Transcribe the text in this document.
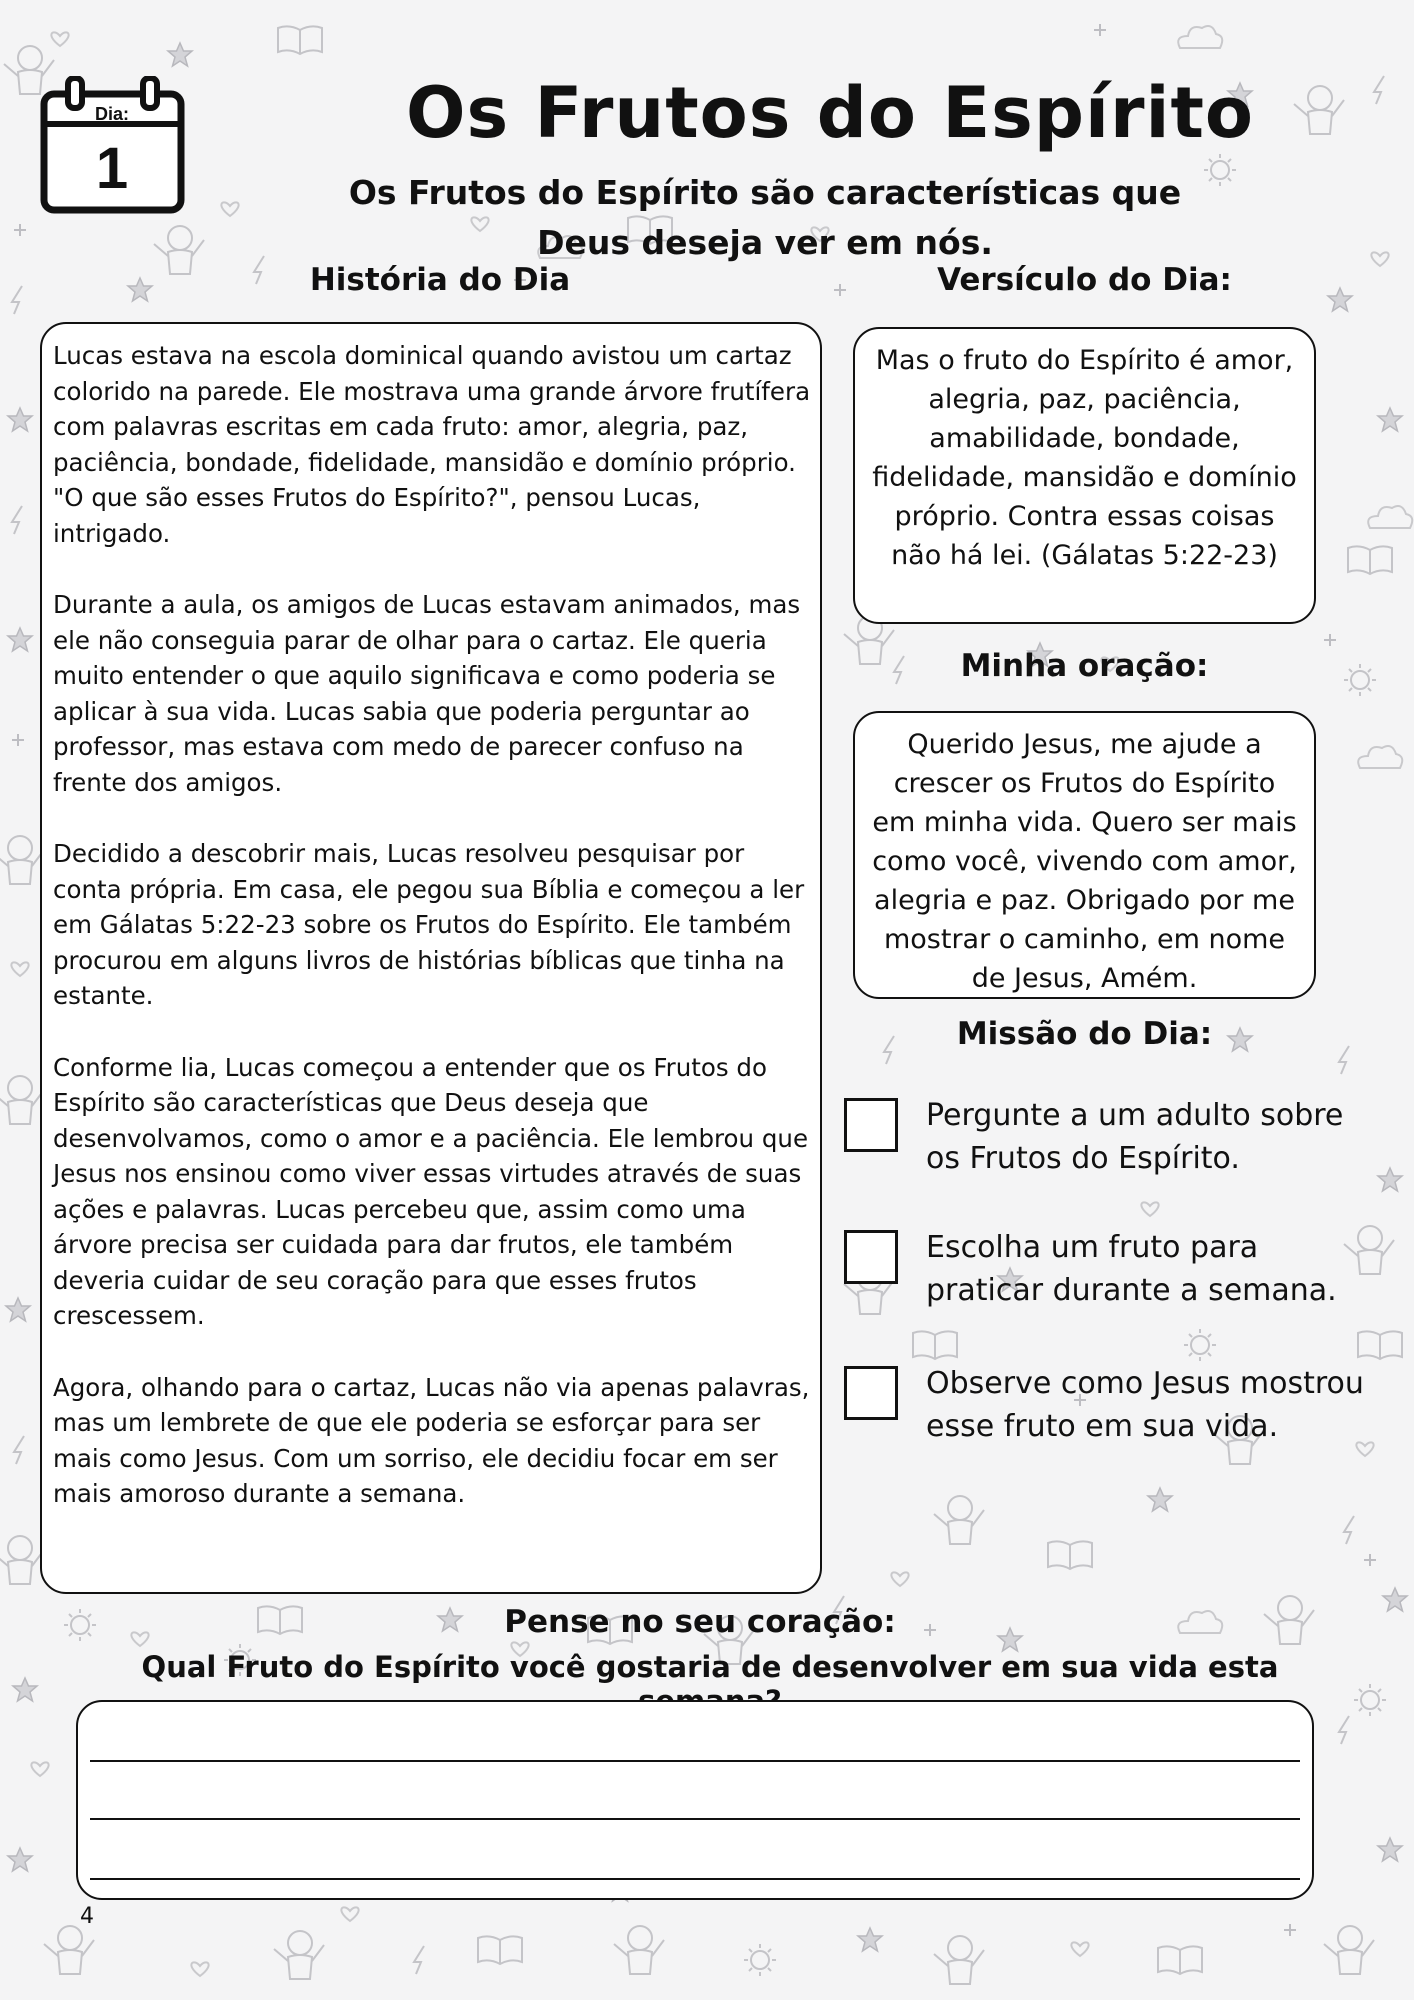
Dia:
1
Os Frutos do Espírito

Os Frutos do Espírito são características que Deus deseja ver em nós.

História do Dia

Lucas estava na escola dominical quando avistou um cartaz colorido na parede. Ele mostrava uma grande árvore frutífera com palavras escritas em cada fruto: amor, alegria, paz, paciência, bondade, fidelidade, mansidão e domínio próprio. "O que são esses Frutos do Espírito?", pensou Lucas, intrigado.

Durante a aula, os amigos de Lucas estavam animados, mas ele não conseguia parar de olhar para o cartaz. Ele queria muito entender o que aquilo significava e como poderia se aplicar à sua vida. Lucas sabia que poderia perguntar ao professor, mas estava com medo de parecer confuso na frente dos amigos.

Decidido a descobrir mais, Lucas resolveu pesquisar por conta própria. Em casa, ele pegou sua Bíblia e começou a ler em Gálatas 5:22-23 sobre os Frutos do Espírito. Ele também procurou em alguns livros de histórias bíblicas que tinha na estante.

Conforme lia, Lucas começou a entender que os Frutos do Espírito são características que Deus deseja que desenvolvamos, como o amor e a paciência. Ele lembrou que Jesus nos ensinou como viver essas virtudes através de suas ações e palavras. Lucas percebeu que, assim como uma árvore precisa ser cuidada para dar frutos, ele também deveria cuidar de seu coração para que esses frutos crescessem.

Agora, olhando para o cartaz, Lucas não via apenas palavras, mas um lembrete de que ele poderia se esforçar para ser mais como Jesus. Com um sorriso, ele decidiu focar em ser mais amoroso durante a semana.

Versículo do Dia:
Mas o fruto do Espírito é amor, alegria, paz, paciência, amabilidade, bondade, fidelidade, mansidão e domínio próprio. Contra essas coisas não há lei. (Gálatas 5:22-23)
Minha oração:
Querido Jesus, me ajude a crescer os Frutos do Espírito em minha vida. Quero ser mais como você, vivendo com amor, alegria e paz. Obrigado por me mostrar o caminho, em nome de Jesus, Amém.
Missão do Dia:
Pergunte a um adulto sobre os Frutos do Espírito.
Escolha um fruto para praticar durante a semana.
Observe como Jesus mostrou esse fruto em sua vida.
Pense no seu coração:
Qual Fruto do Espírito você gostaria de desenvolver em sua vida esta
4
